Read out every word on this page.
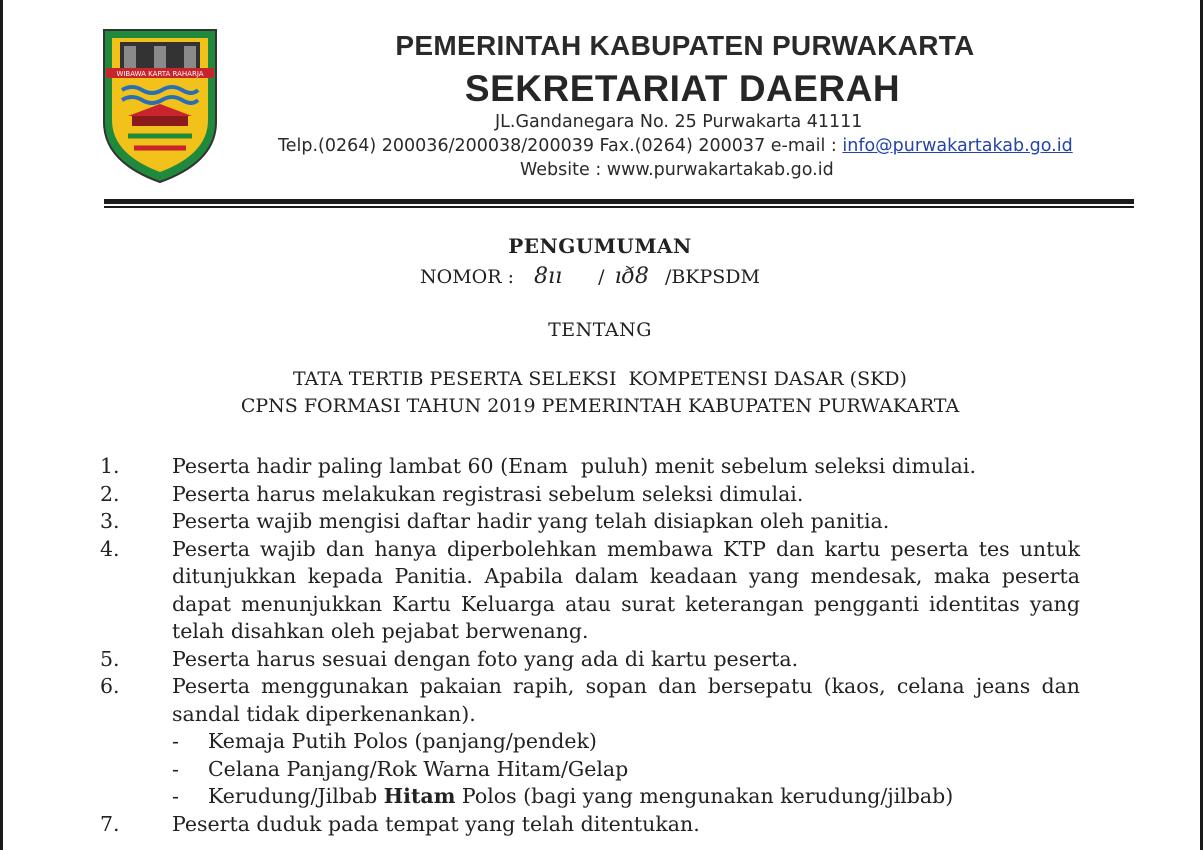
WIBAWA KARTA RAHARJA
PEMERINTAH KABUPATEN PURWAKARTA
SEKRETARIAT DAERAH
JL.Gandanegara No. 25 Purwakarta 41111
Telp.(0264) 200036/200038/200039 Fax.(0264) 200037 e-mail : info@purwakartakab.go.id
Website : www.purwakartakab.go.id
PENGUMUMAN
NOMOR : 8ıı / ıð8 /BKPSDM
TENTANG
TATA TERTIB PESERTA SELEKSI  KOMPETENSI DASAR (SKD)
CPNS FORMASI TAHUN 2019 PEMERINTAH KABUPATEN PURWAKARTA
1.	Peserta hadir paling lambat 60 (Enam  puluh) menit sebelum seleksi dimulai.
2.	Peserta harus melakukan registrasi sebelum seleksi dimulai.
3.	Peserta wajib mengisi daftar hadir yang telah disiapkan oleh panitia.
4.	Peserta wajib dan hanya diperbolehkan membawa KTP dan kartu peserta tes untuk ditunjukkan kepada Panitia. Apabila dalam keadaan yang mendesak, maka peserta dapat menunjukkan Kartu Keluarga atau surat keterangan pengganti identitas yang telah disahkan oleh pejabat berwenang.
5.	Peserta harus sesuai dengan foto yang ada di kartu peserta.
6.	Peserta menggunakan pakaian rapih, sopan dan bersepatu (kaos, celana jeans dan sandal tidak diperkenankan).
- Kemaja Putih Polos (panjang/pendek)
- Celana Panjang/Rok Warna Hitam/Gelap
- Kerudung/Jilbab Hitam Polos (bagi yang mengunakan kerudung/jilbab)
7.	Peserta duduk pada tempat yang telah ditentukan.
